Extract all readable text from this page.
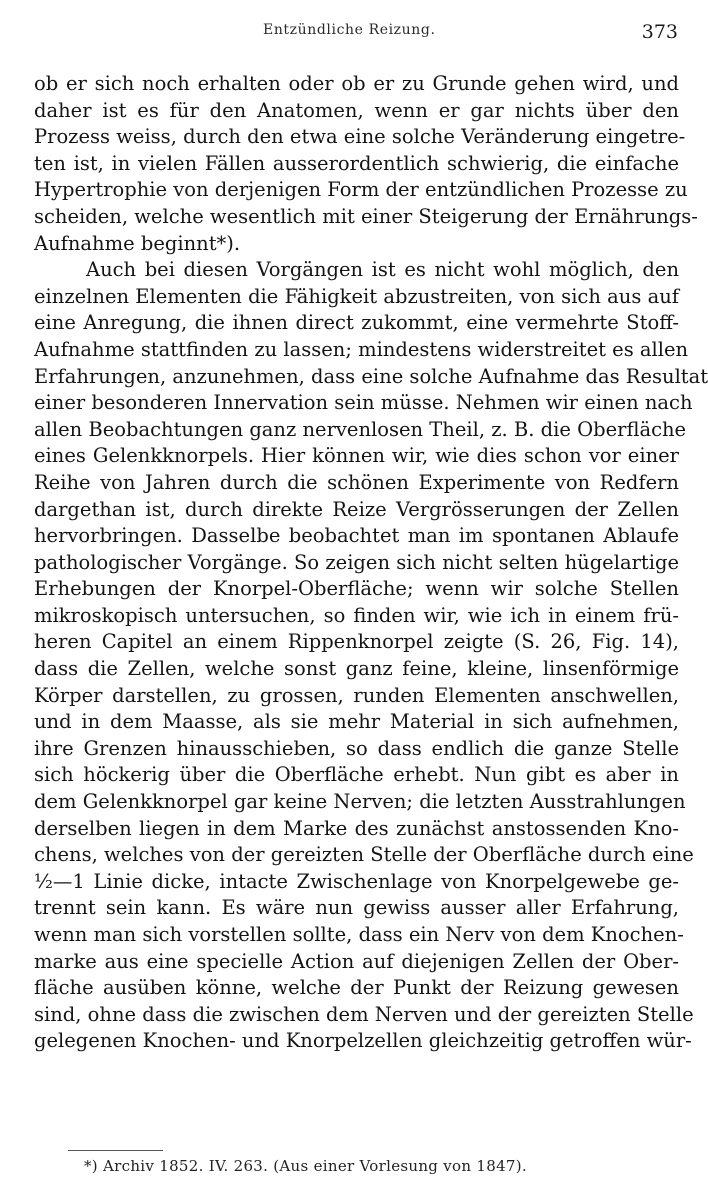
Entzündliche Reizung.	373
ob er sich noch erhalten oder ob er zu Grunde gehen wird, und
daher ist es für den Anatomen, wenn er gar nichts über den
Prozess weiss, durch den etwa eine solche Veränderung eingetre-
ten ist, in vielen Fällen ausserordentlich schwierig, die einfache
Hypertrophie von derjenigen Form der entzündlichen Prozesse zu
scheiden, welche wesentlich mit einer Steigerung der Ernährungs-
Aufnahme beginnt*).
Auch bei diesen Vorgängen ist es nicht wohl möglich, den
einzelnen Elementen die Fähigkeit abzustreiten, von sich aus auf
eine Anregung, die ihnen direct zukommt, eine vermehrte Stoff-
Aufnahme stattfinden zu lassen; mindestens widerstreitet es allen
Erfahrungen, anzunehmen, dass eine solche Aufnahme das Resultat
einer besonderen Innervation sein müsse. Nehmen wir einen nach
allen Beobachtungen ganz nervenlosen Theil, z. B. die Oberfläche
eines Gelenkknorpels. Hier können wir, wie dies schon vor einer
Reihe von Jahren durch die schönen Experimente von Redfern
dargethan ist, durch direkte Reize Vergrösserungen der Zellen
hervorbringen. Dasselbe beobachtet man im spontanen Ablaufe
pathologischer Vorgänge. So zeigen sich nicht selten hügelartige
Erhebungen der Knorpel-Oberfläche; wenn wir solche Stellen
mikroskopisch untersuchen, so finden wir, wie ich in einem frü-
heren Capitel an einem Rippenknorpel zeigte (S. 26, Fig. 14),
dass die Zellen, welche sonst ganz feine, kleine, linsenförmige
Körper darstellen, zu grossen, runden Elementen anschwellen,
und in dem Maasse, als sie mehr Material in sich aufnehmen,
ihre Grenzen hinausschieben, so dass endlich die ganze Stelle
sich höckerig über die Oberfläche erhebt. Nun gibt es aber in
dem Gelenkknorpel gar keine Nerven; die letzten Ausstrahlungen
derselben liegen in dem Marke des zunächst anstossenden Kno-
chens, welches von der gereizten Stelle der Oberfläche durch eine
½—1 Linie dicke, intacte Zwischenlage von Knorpelgewebe ge-
trennt sein kann. Es wäre nun gewiss ausser aller Erfahrung,
wenn man sich vorstellen sollte, dass ein Nerv von dem Knochen-
marke aus eine specielle Action auf diejenigen Zellen der Ober-
fläche ausüben könne, welche der Punkt der Reizung gewesen
sind, ohne dass die zwischen dem Nerven und der gereizten Stelle
gelegenen Knochen- und Knorpelzellen gleichzeitig getroffen wür-
*) Archiv 1852. IV. 263. (Aus einer Vorlesung von 1847).
